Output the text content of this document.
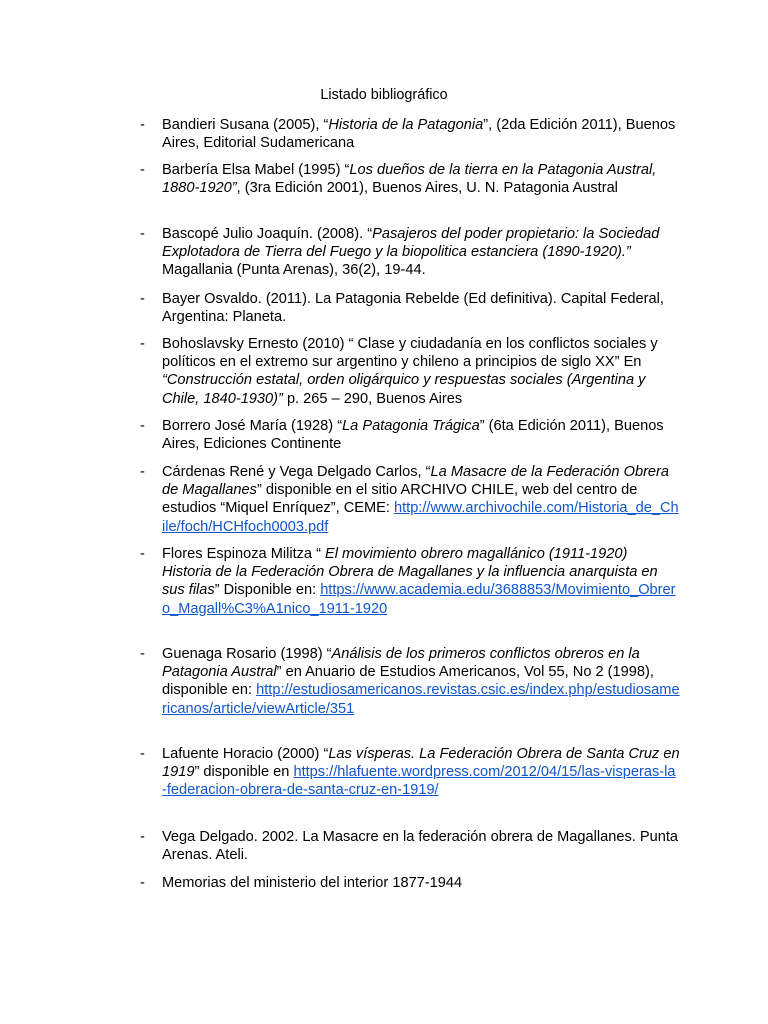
Listado bibliográfico
-	Bandieri Susana (2005), “Historia de la Patagonia”, (2da Edición 2011), Buenos Aires, Editorial Sudamericana
-	Barbería Elsa Mabel (1995) “Los dueños de la tierra en la Patagonia Austral, 1880-1920”, (3ra Edición 2001), Buenos Aires, U. N. Patagonia Austral
-	Bascopé Julio Joaquín. (2008). “Pasajeros del poder propietario: la Sociedad Explotadora de Tierra del Fuego y la biopolitica estanciera (1890-1920).” Magallania (Punta Arenas), 36(2), 19-44.
-	Bayer Osvaldo. (2011). La Patagonia Rebelde (Ed definitiva). Capital Federal, Argentina: Planeta.
-	Bohoslavsky Ernesto (2010) “ Clase y ciudadanía en los conflictos sociales y políticos en el extremo sur argentino y chileno a principios de siglo XX” En “Construcción estatal, orden oligárquico y respuestas sociales (Argentina y Chile, 1840-1930)” p. 265 – 290, Buenos Aires
-	Borrero José María (1928) “La Patagonia Trágica” (6ta Edición 2011), Buenos Aires, Ediciones Continente
-	Cárdenas René y Vega Delgado Carlos, “La Masacre de la Federación Obrera de Magallanes” disponible en el sitio ARCHIVO CHILE, web del centro de estudios “Miquel Enríquez”, CEME: http://www.archivochile.com/Historia_de_Chile/foch/HCHfoch0003.pdf
-	Flores Espinoza Militza “ El movimiento obrero magallánico (1911-1920) Historia de la Federación Obrera de Magallanes y la influencia anarquista en sus filas” Disponible en: https://www.academia.edu/3688853/Movimiento_Obrero_Magall%C3%A1nico_1911-1920
-	Guenaga Rosario (1998) “Análisis de los primeros conflictos obreros en la Patagonia Austral” en Anuario de Estudios Americanos, Vol 55, No 2 (1998), disponible en: http://estudiosamericanos.revistas.csic.es/index.php/estudiosamericanos/article/viewArticle/351
-	Lafuente Horacio (2000) “Las vísperas. La Federación Obrera de Santa Cruz en 1919” disponible en https://hlafuente.wordpress.com/2012/04/15/las-visperas-la-federacion-obrera-de-santa-cruz-en-1919/
-	Vega Delgado. 2002. La Masacre en la federación obrera de Magallanes. Punta Arenas. Ateli.
-	Memorias del ministerio del interior 1877-1944
